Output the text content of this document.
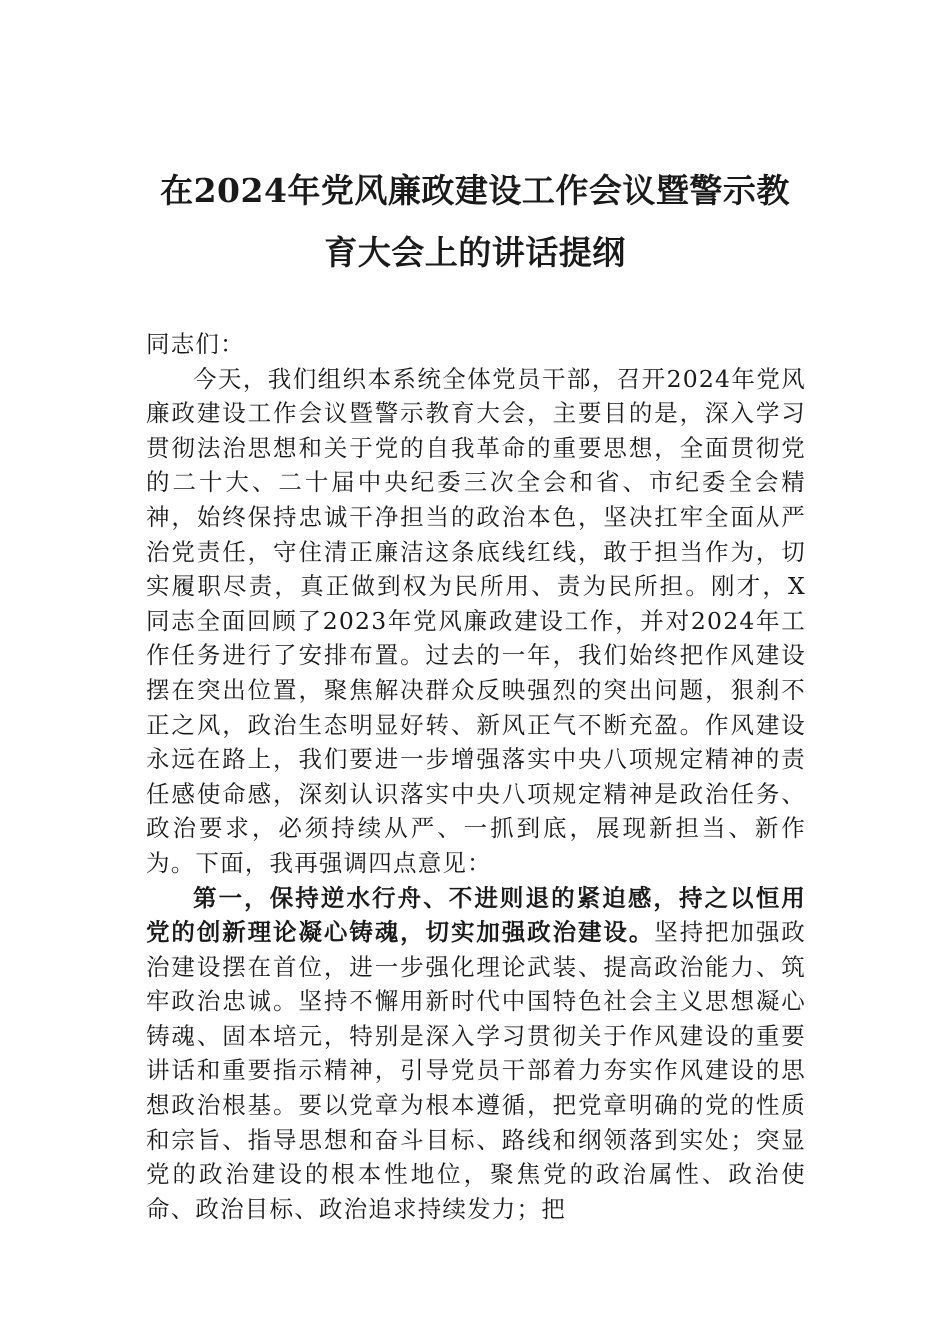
在2024年党风廉政建设工作会议暨警示教
育大会上的讲话提纲

同志们：

今天，我们组织本系统全体党员干部，召开2024年党风廉政建设工作会议暨警示教育大会，主要目的是，深入学习贯彻法治思想和关于党的自我革命的重要思想，全面贯彻党的二十大、二十届中央纪委三次全会和省、市纪委全会精神，始终保持忠诚干净担当的政治本色，坚决扛牢全面从严治党责任，守住清正廉洁这条底线红线，敢于担当作为，切实履职尽责，真正做到权为民所用、责为民所担。刚才，X同志全面回顾了2023年党风廉政建设工作，并对2024年工作任务进行了安排布置。过去的一年，我们始终把作风建设摆在突出位置，聚焦解决群众反映强烈的突出问题，狠刹不正之风，政治生态明显好转、新风正气不断充盈。作风建设永远在路上，我们要进一步增强落实中央八项规定精神的责任感使命感，深刻认识落实中央八项规定精神是政治任务、政治要求，必须持续从严、一抓到底，展现新担当、新作为。下面，我再强调四点意见：

第一，保持逆水行舟、不进则退的紧迫感，持之以恒用党的创新理论凝心铸魂，切实加强政治建设。坚持把加强政治建设摆在首位，进一步强化理论武装、提高政治能力、筑牢政治忠诚。坚持不懈用新时代中国特色社会主义思想凝心铸魂、固本培元，特别是深入学习贯彻关于作风建设的重要讲话和重要指示精神，引导党员干部着力夯实作风建设的思想政治根基。要以党章为根本遵循，把党章明确的党的性质和宗旨、指导思想和奋斗目标、路线和纲领落到实处；突显党的政治建设的根本性地位，聚焦党的政治属性、政治使命、政治目标、政治追求持续发力；把
